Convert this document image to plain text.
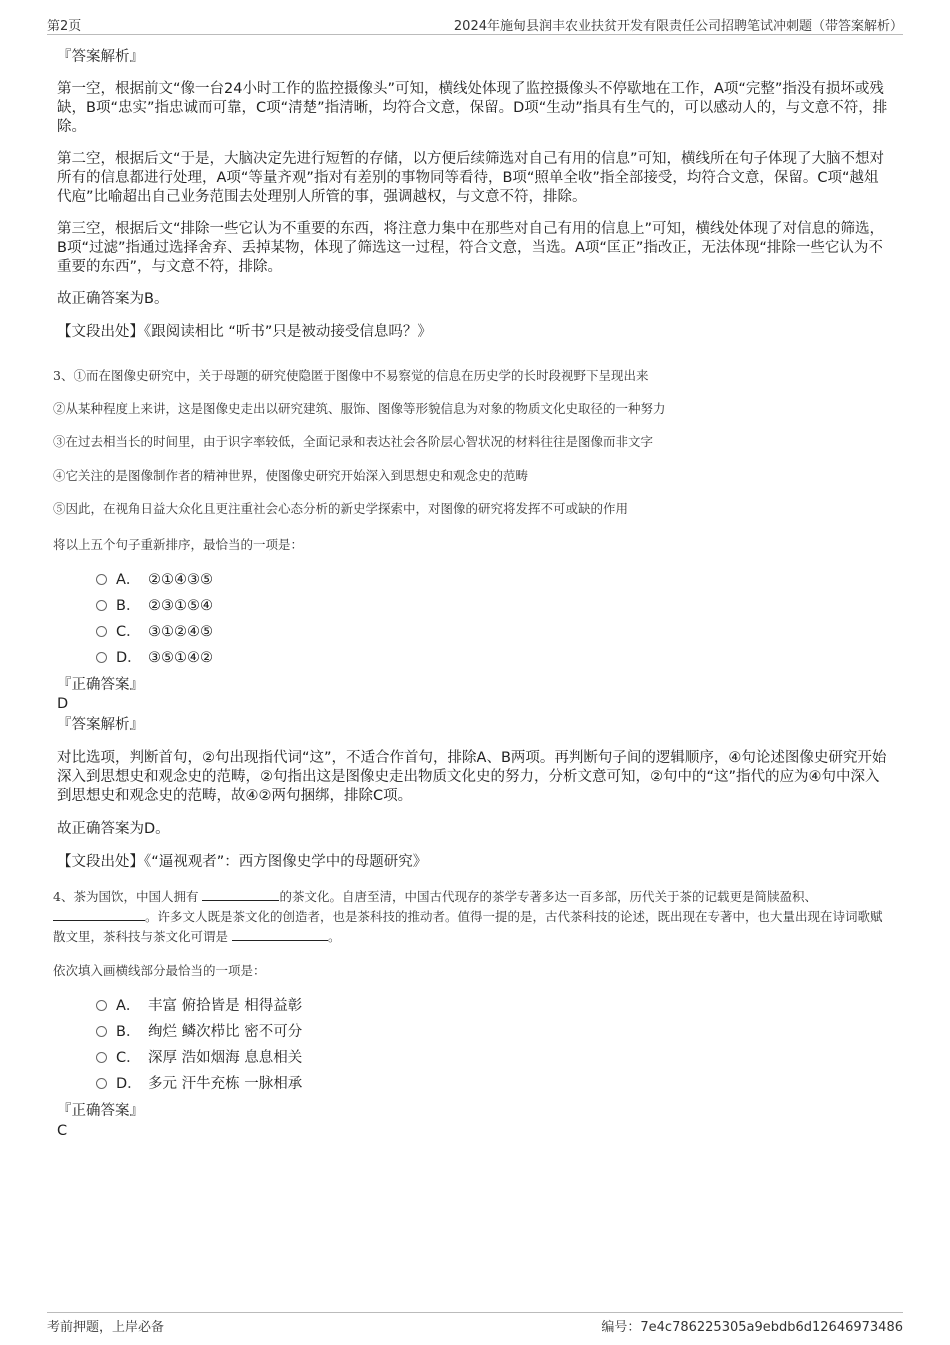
第2页	2024年施甸县润丰农业扶贫开发有限责任公司招聘笔试冲刺题（带答案解析）
『答案解析』
第一空，根据前文“像一台24小时工作的监控摄像头”可知，横线处体现了监控摄像头不停歇地在工作，A项“完整”指没有损坏或残缺，B项“忠实”指忠诚而可靠，C项“清楚”指清晰，均符合文意，保留。D项“生动”指具有生气的，可以感动人的，与文意不符，排除。
第二空，根据后文“于是，大脑决定先进行短暂的存储，以方便后续筛选对自己有用的信息”可知，横线所在句子体现了大脑不想对所有的信息都进行处理，A项“等量齐观”指对有差别的事物同等看待，B项“照单全收”指全部接受，均符合文意，保留。C项“越俎代庖”比喻超出自己业务范围去处理别人所管的事，强调越权，与文意不符，排除。
第三空，根据后文“排除一些它认为不重要的东西，将注意力集中在那些对自己有用的信息上”可知，横线处体现了对信息的筛选，B项“过滤”指通过选择舍弃、丢掉某物，体现了筛选这一过程，符合文意，当选。A项“匡正”指改正，无法体现“排除一些它认为不重要的东西”，与文意不符，排除。
故正确答案为B。
【文段出处】《跟阅读相比 “听书”只是被动接受信息吗？》
3、①而在图像史研究中，关于母题的研究使隐匿于图像中不易察觉的信息在历史学的长时段视野下呈现出来
②从某种程度上来讲，这是图像史走出以研究建筑、服饰、图像等形貌信息为对象的物质文化史取径的一种努力
③在过去相当长的时间里，由于识字率较低，全面记录和表达社会各阶层心智状况的材料往往是图像而非文字
④它关注的是图像制作者的精神世界，使图像史研究开始深入到思想史和观念史的范畴
⑤因此，在视角日益大众化且更注重社会心态分析的新史学探索中，对图像的研究将发挥不可或缺的作用
将以上五个句子重新排序，最恰当的一项是：
A． ②①④③⑤
B． ②③①⑤④
C． ③①②④⑤
D． ③⑤①④②
『正确答案』
D
『答案解析』
对比选项，判断首句，②句出现指代词“这”，不适合作首句，排除A、B两项。再判断句子间的逻辑顺序，④句论述图像史研究开始深入到思想史和观念史的范畴，②句指出这是图像史走出物质文化史的努力，分析文意可知，②句中的“这”指代的应为④句中深入到思想史和观念史的范畴，故④②两句捆绑，排除C项。
故正确答案为D。
【文段出处】《“逼视观者”：西方图像史学中的母题研究》
4、茶为国饮，中国人拥有	的茶文化。自唐至清，中国古代现存的茶学专著多达一百多部，历代关于茶的记载更是简牍盈积、。许多文人既是茶文化的创造者，也是茶科技的推动者。值得一提的是，古代茶科技的论述，既出现在专著中，也大量出现在诗词歌赋散文里，茶科技与茶文化可谓是	。
依次填入画横线部分最恰当的一项是：
A． 丰富 俯拾皆是 相得益彰
B． 绚烂 鳞次栉比 密不可分
C． 深厚 浩如烟海 息息相关
D． 多元 汗牛充栋 一脉相承
『正确答案』
C
考前押题，上岸必备	编号：7e4c786225305a9ebdb6d12646973486
